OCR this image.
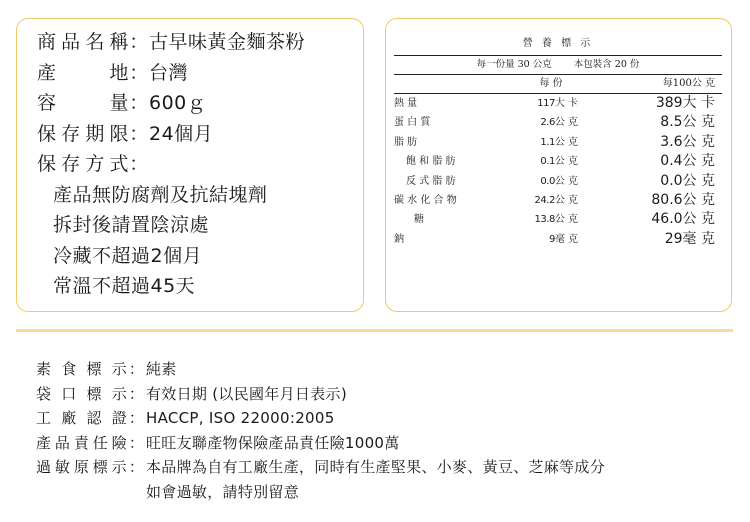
商品名稱 ： 古早味黃金麵茶粉
產地 ： 台灣
容量 ： 600ｇ
保存期限 ： 24個月
保存方式 ：
產品無防腐劑及抗結塊劑
拆封後請置陰涼處
冷藏不超過2個月
常溫不超過45天
營 養 標 示
每一份量 30 公克 本包裝含 20 份
每 份	每100公 克
熱 量	117大 卡	389大 卡
蛋 白 質	2.6公 克	8.5公 克
脂 肪	1.1公 克	3.6公 克
飽 和 脂 肪	0.1公 克	0.4公 克
反 式 脂 肪	0.0公 克	0.0公 克
碳 水 化 合 物	24.2公 克	80.6公 克
糖	13.8公 克	46.0公 克
鈉	9毫 克	29毫 克
素食標示 ： 純素
袋口標示 ： 有效日期 (以民國年月日表示)
工廠認證 ： HACCP, ISO 22000:2005
產品責任險 ： 旺旺友聯產物保險產品責任險1000萬
過敏原標示 ： 本品牌為自有工廠生產，同時有生產堅果、小麥、黃豆、芝麻等成分
如會過敏，請特別留意
